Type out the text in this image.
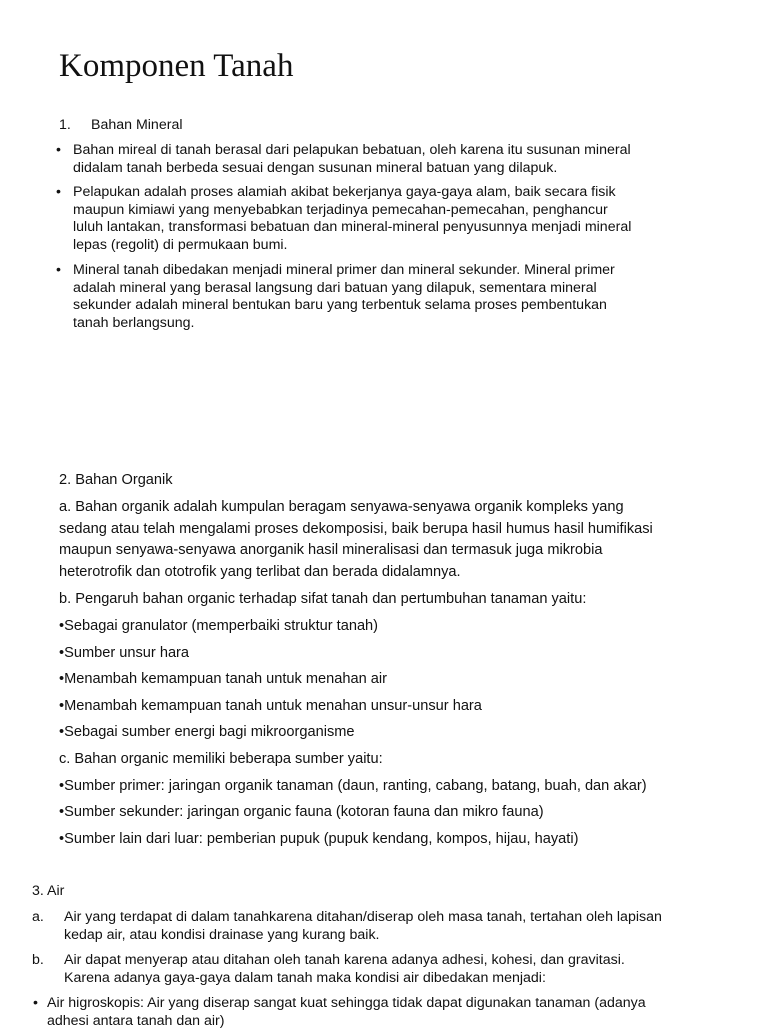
Komponen Tanah
1. Bahan Mineral
• Bahan mireal di tanah berasal dari pelapukan bebatuan, oleh karena itu susunan mineral
didalam tanah berbeda sesuai dengan susunan mineral batuan yang dilapuk.
• Pelapukan adalah proses alamiah akibat bekerjanya gaya-gaya alam, baik secara fisik
maupun kimiawi yang menyebabkan terjadinya pemecahan-pemecahan, penghancur
luluh lantakan, transformasi bebatuan dan mineral-mineral penyusunnya menjadi mineral
lepas (regolit) di permukaan bumi.
• Mineral tanah dibedakan menjadi mineral primer dan mineral sekunder. Mineral primer
adalah mineral yang berasal langsung dari batuan yang dilapuk, sementara mineral
sekunder adalah mineral bentukan baru yang terbentuk selama proses pembentukan
tanah berlangsung.
2. Bahan Organik
a. Bahan organik adalah kumpulan beragam senyawa-senyawa organik kompleks yang
sedang atau telah mengalami proses dekomposisi, baik berupa hasil humus hasil humifikasi
maupun senyawa-senyawa anorganik hasil mineralisasi dan termasuk juga mikrobia
heterotrofik dan ototrofik yang terlibat dan berada didalamnya.
b. Pengaruh bahan organic terhadap sifat tanah dan pertumbuhan tanaman yaitu:
•Sebagai granulator (memperbaiki struktur tanah)
•Sumber unsur hara
•Menambah kemampuan tanah untuk menahan air
•Menambah kemampuan tanah untuk menahan unsur-unsur hara
•Sebagai sumber energi bagi mikroorganisme
c. Bahan organic memiliki beberapa sumber yaitu:
•Sumber primer: jaringan organik tanaman (daun, ranting, cabang, batang, buah, dan akar)
•Sumber sekunder: jaringan organic fauna (kotoran fauna dan mikro fauna)
•Sumber lain dari luar: pemberian pupuk (pupuk kendang, kompos, hijau, hayati)
3. Air
a. Air yang terdapat di dalam tanahkarena ditahan/diserap oleh masa tanah, tertahan oleh lapisan
kedap air, atau kondisi drainase yang kurang baik.
b. Air dapat menyerap atau ditahan oleh tanah karena adanya adhesi, kohesi, dan gravitasi.
Karena adanya gaya-gaya dalam tanah maka kondisi air dibedakan menjadi:
• Air higroskopis: Air yang diserap sangat kuat sehingga tidak dapat digunakan tanaman (adanya
adhesi antara tanah dan air)
